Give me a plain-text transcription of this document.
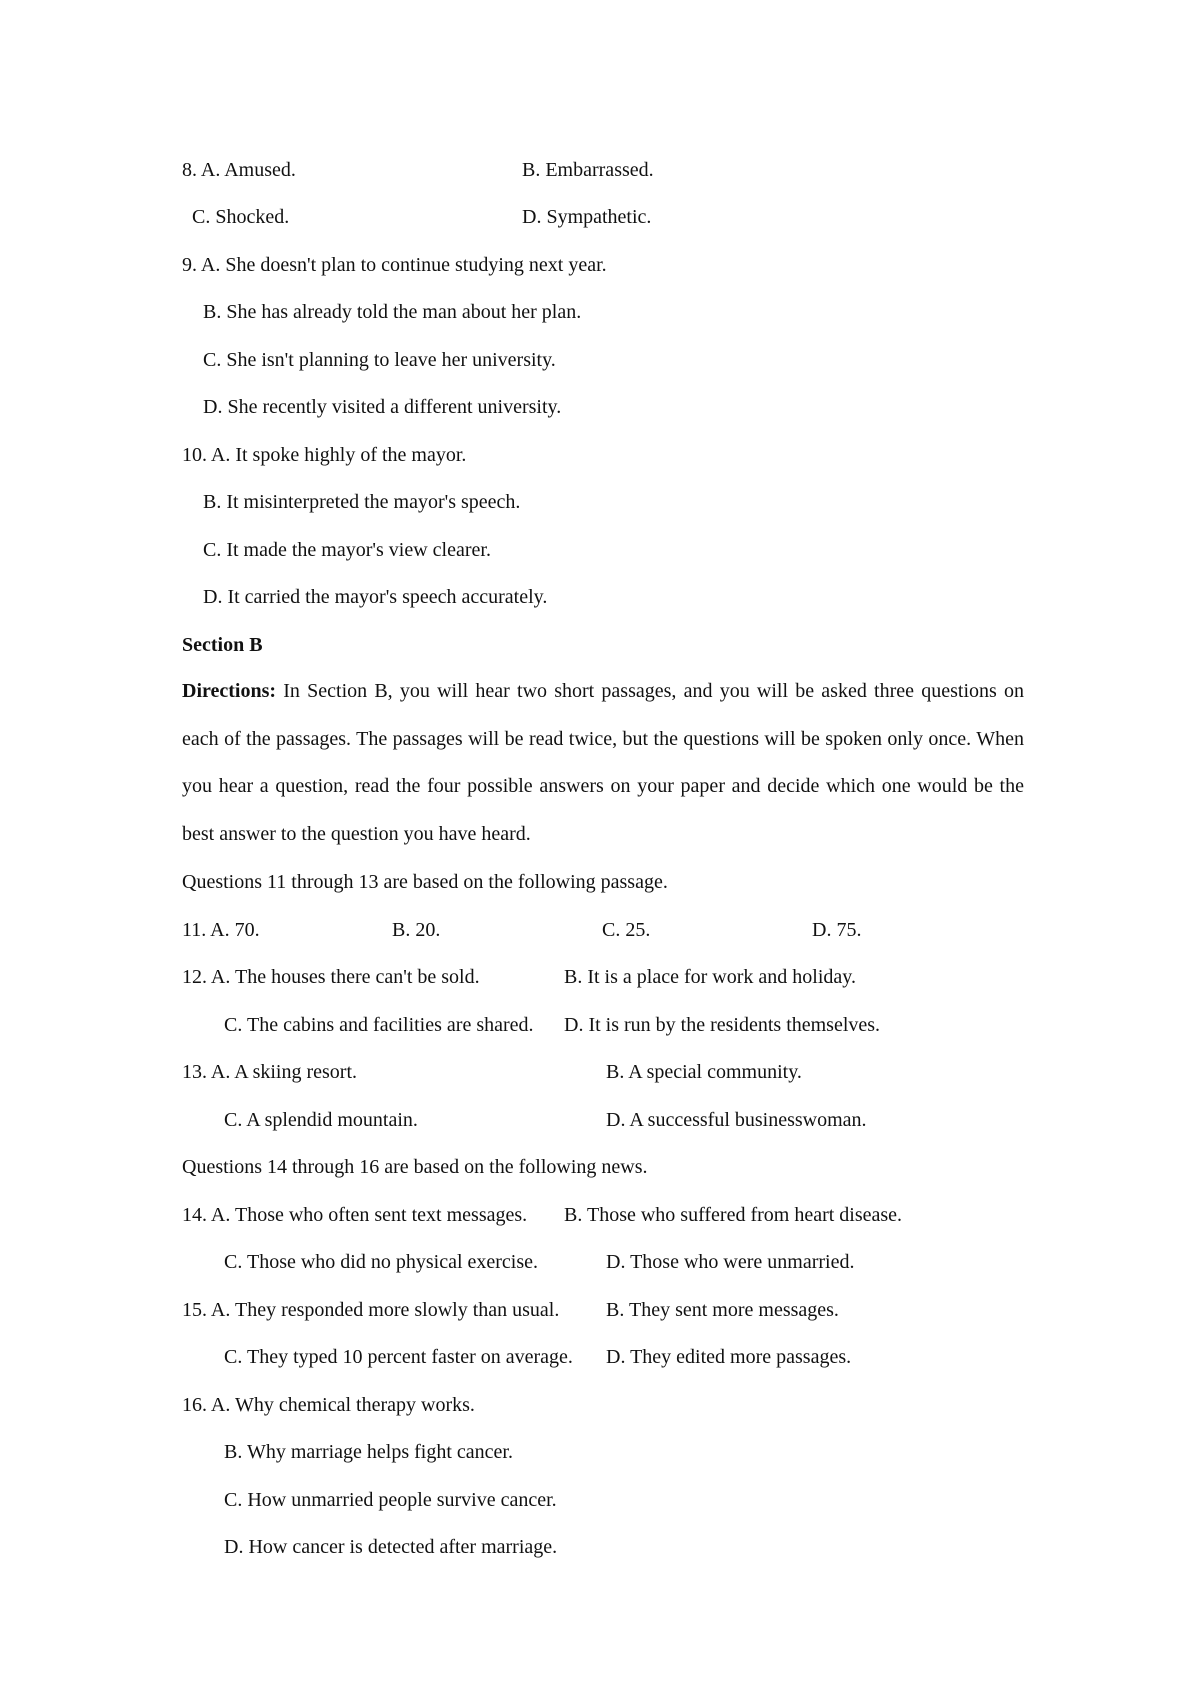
8. A. Amused.	B. Embarrassed.
C. Shocked.	D. Sympathetic.
9. A. She doesn't plan to continue studying next year.
B. She has already told the man about her plan.
C. She isn't planning to leave her university.
D. She recently visited a different university.
10. A. It spoke highly of the mayor.
B. It misinterpreted the mayor's speech.
C. It made the mayor's view clearer.
D. It carried the mayor's speech accurately.
Section B
Directions: In Section B, you will hear two short passages, and you will be asked three questions on each of the passages. The passages will be read twice, but the questions will be spoken only once. When you hear a question, read the four possible answers on your paper and decide which one would be the best answer to the question you have heard.
Questions 11 through 13 are based on the following passage.
11. A. 70.	B. 20.	C. 25.	D. 75.
12. A. The houses there can't be sold.	B. It is a place for work and holiday.
C. The cabins and facilities are shared. D. It is run by the residents themselves.
13. A. A skiing resort.	B. A special community.
C. A splendid mountain.	D. A successful businesswoman.
Questions 14 through 16 are based on the following news.
14. A. Those who often sent text messages. B. Those who suffered from heart disease.
C. Those who did no physical exercise.	D. Those who were unmarried.
15. A. They responded more slowly than usual. B. They sent more messages.
C. They typed 10 percent faster on average. D. They edited more passages.
16. A. Why chemical therapy works.
B. Why marriage helps fight cancer.
C. How unmarried people survive cancer.
D. How cancer is detected after marriage.
